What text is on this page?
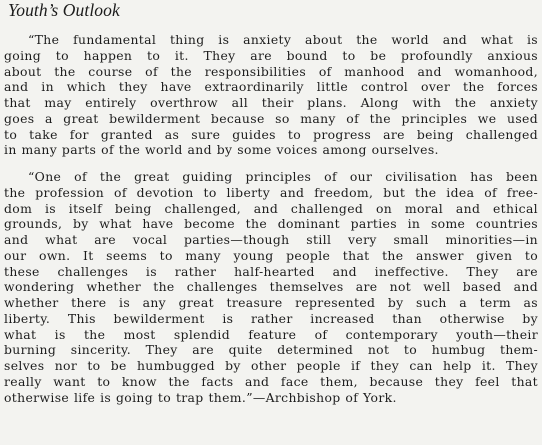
Youth’s Outlook
“The fundamental thing is anxiety about the world and what is
going to happen to it. They are bound to be profoundly anxious
about the course of the responsibilities of manhood and womanhood,
and in which they have extraordinarily little control over the forces
that may entirely overthrow all their plans. Along with the anxiety
goes a great bewilderment because so many of the principles we used
to take for granted as sure guides to progress are being challenged
in many parts of the world and by some voices among ourselves.
“One of the great guiding principles of our civilisation has been
the profession of devotion to liberty and freedom, but the idea of free-
dom is itself being challenged, and challenged on moral and ethical
grounds, by what have become the dominant parties in some countries
and what are vocal parties—though still very small minorities—in
our own. It seems to many young people that the answer given to
these challenges is rather half-hearted and ineffective. They are
wondering whether the challenges themselves are not well based and
whether there is any great treasure represented by such a term as
liberty. This bewilderment is rather increased than otherwise by
what is the most splendid feature of contemporary youth—their
burning sincerity. They are quite determined not to humbug them-
selves nor to be humbugged by other people if they can help it. They
really want to know the facts and face them, because they feel that
otherwise life is going to trap them.”—Archbishop of York.
